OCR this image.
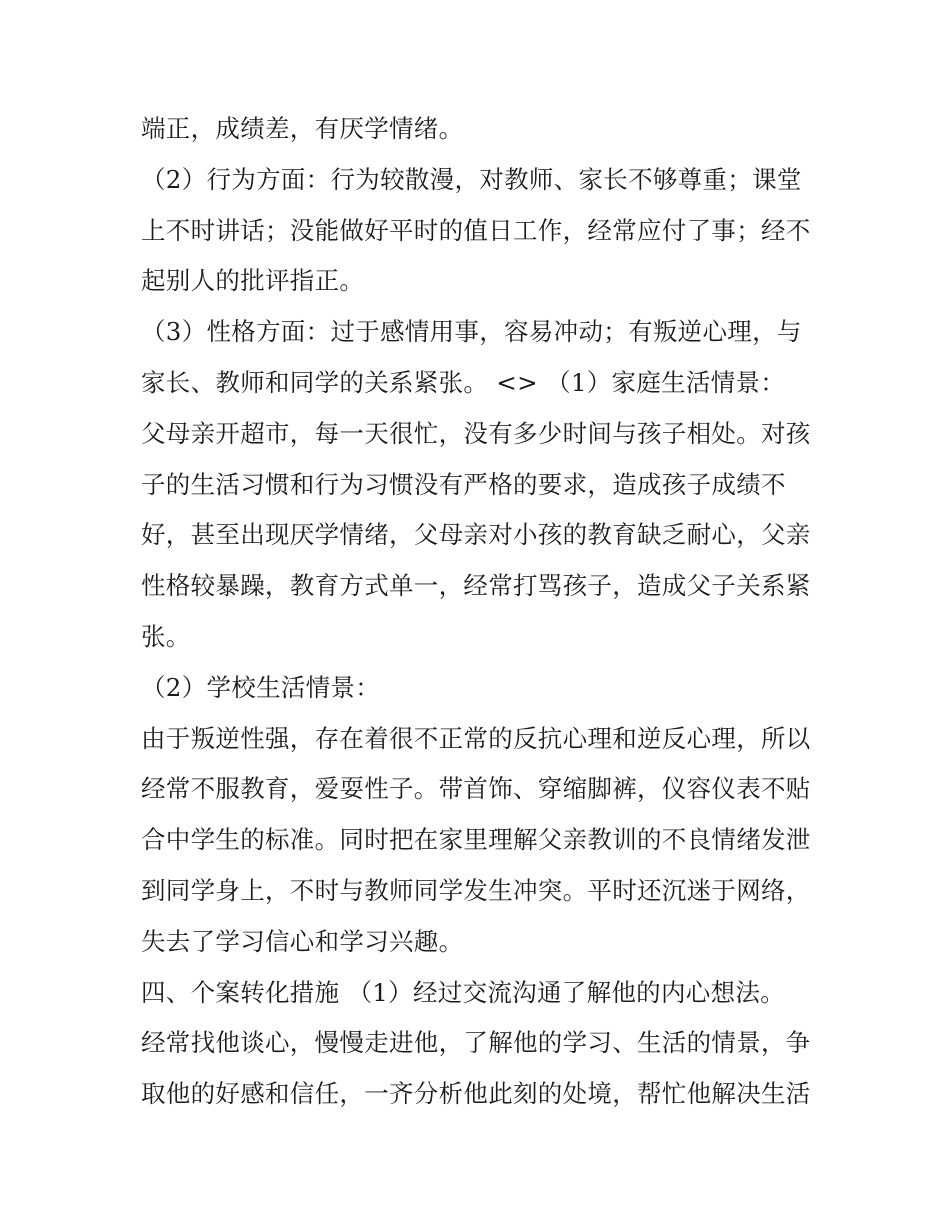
端正，成绩差，有厌学情绪。
（2）行为方面：行为较散漫，对教师、家长不够尊重；课堂
上不时讲话；没能做好平时的值日工作，经常应付了事；经不
起别人的批评指正。
（3）性格方面：过于感情用事，容易冲动；有叛逆心理，与
家长、教师和同学的关系紧张。 <> （1）家庭生活情景：
父母亲开超市，每一天很忙，没有多少时间与孩子相处。对孩
子的生活习惯和行为习惯没有严格的要求，造成孩子成绩不
好，甚至出现厌学情绪，父母亲对小孩的教育缺乏耐心，父亲
性格较暴躁，教育方式单一，经常打骂孩子，造成父子关系紧
张。
（2）学校生活情景：
由于叛逆性强，存在着很不正常的反抗心理和逆反心理，所以
经常不服教育，爱耍性子。带首饰、穿缩脚裤，仪容仪表不贴
合中学生的标准。同时把在家里理解父亲教训的不良情绪发泄
到同学身上，不时与教师同学发生冲突。平时还沉迷于网络，
失去了学习信心和学习兴趣。
四、个案转化措施 （1）经过交流沟通了解他的内心想法。
经常找他谈心，慢慢走进他，了解他的学习、生活的情景，争
取他的好感和信任，一齐分析他此刻的处境，帮忙他解决生活
